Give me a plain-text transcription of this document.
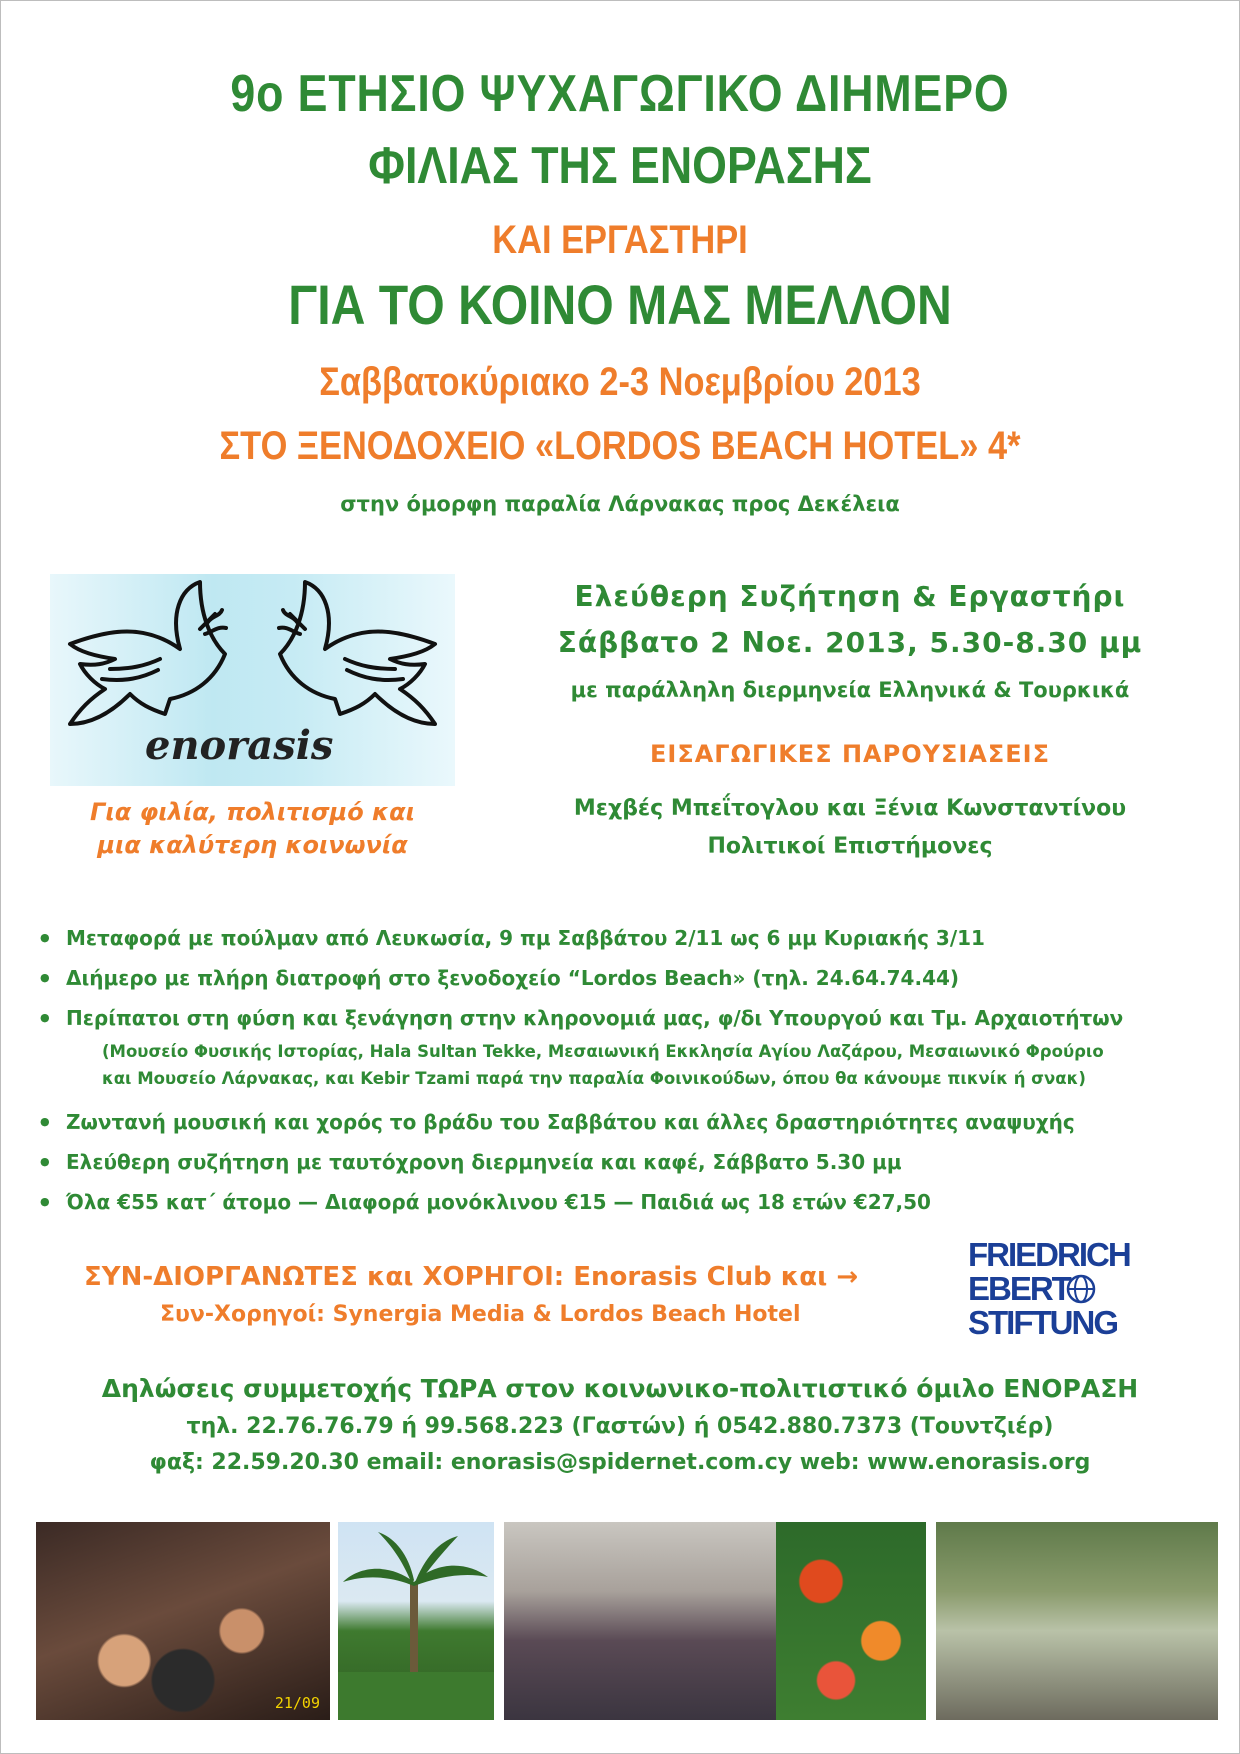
9ο ΕΤΗΣΙΟ ΨΥΧΑΓΩΓΙΚΟ ΔΙΗΜΕΡΟ
ΦΙΛΙΑΣ ΤΗΣ ΕΝΟΡΑΣΗΣ
ΚΑΙ ΕΡΓΑΣΤΗΡΙ
ΓΙΑ ΤΟ ΚΟΙΝΟ ΜΑΣ ΜΕΛΛΟΝ
Σαββατοκύριακο 2-3 Νοεμβρίου 2013
ΣΤΟ ΞΕΝΟΔΟΧΕΙΟ «LORDOS BEACH HOTEL» 4*
στην όμορφη παραλία Λάρνακας προς Δεκέλεια
enorasis
Για φιλία, πολιτισμό και
μια καλύτερη κοινωνία
Ελεύθερη Συζήτηση & Εργαστήρι
Σάββατο 2 Νοε. 2013, 5.30-8.30 μμ
με παράλληλη διερμηνεία Ελληνικά & Τουρκικά
ΕΙΣΑΓΩΓΙΚΕΣ ΠΑΡΟΥΣΙΑΣΕΙΣ
Μεχβές Μπεΐτογλου και Ξένια Κωνσταντίνου
Πολιτικοί Επιστήμονες
● Μεταφορά με πούλμαν από Λευκωσία, 9 πμ Σαββάτου 2/11 ως 6 μμ Κυριακής 3/11
● Διήμερο με πλήρη διατροφή στο ξενοδοχείο “Lordos Beach» (τηλ. 24.64.74.44)
● Περίπατοι στη φύση και ξενάγηση στην κληρονομιά μας, φ/δι Υπουργού και Τμ. Αρχαιοτήτων
(Μουσείο Φυσικής Ιστορίας, Hala Sultan Tekke, Μεσαιωνική Εκκλησία Αγίου Λαζάρου, Μεσαιωνικό Φρούριο
και Μουσείο Λάρνακας, και Kebir Tzami παρά την παραλία Φοινικούδων, όπου θα κάνουμε πικνίκ ή σνακ)
● Ζωντανή μουσική και χορός το βράδυ του Σαββάτου και άλλες δραστηριότητες αναψυχής
● Ελεύθερη συζήτηση με ταυτόχρονη διερμηνεία και καφέ, Σάββατο 5.30 μμ
● Όλα €55 κατ΄ άτομο — Διαφορά μονόκλινου €15 — Παιδιά ως 18 ετών €27,50
ΣΥΝ-ΔΙΟΡΓΑΝΩΤΕΣ και ΧΟΡΗΓΟΙ: Enorasis Club και →
Συν-Χορηγοί: Synergia Media & Lordos Beach Hotel
FRIEDRICH
EBERT
STIFTUNG
Δηλώσεις συμμετοχής ΤΩΡΑ στον κοινωνικο-πολιτιστικό όμιλο ΕΝΟΡΑΣΗ
τηλ. 22.76.76.79 ή 99.568.223 (Γαστών) ή 0542.880.7373 (Τουντζιέρ)
φαξ: 22.59.20.30 email: enorasis@spidernet.com.cy web: www.enorasis.org
21/09
